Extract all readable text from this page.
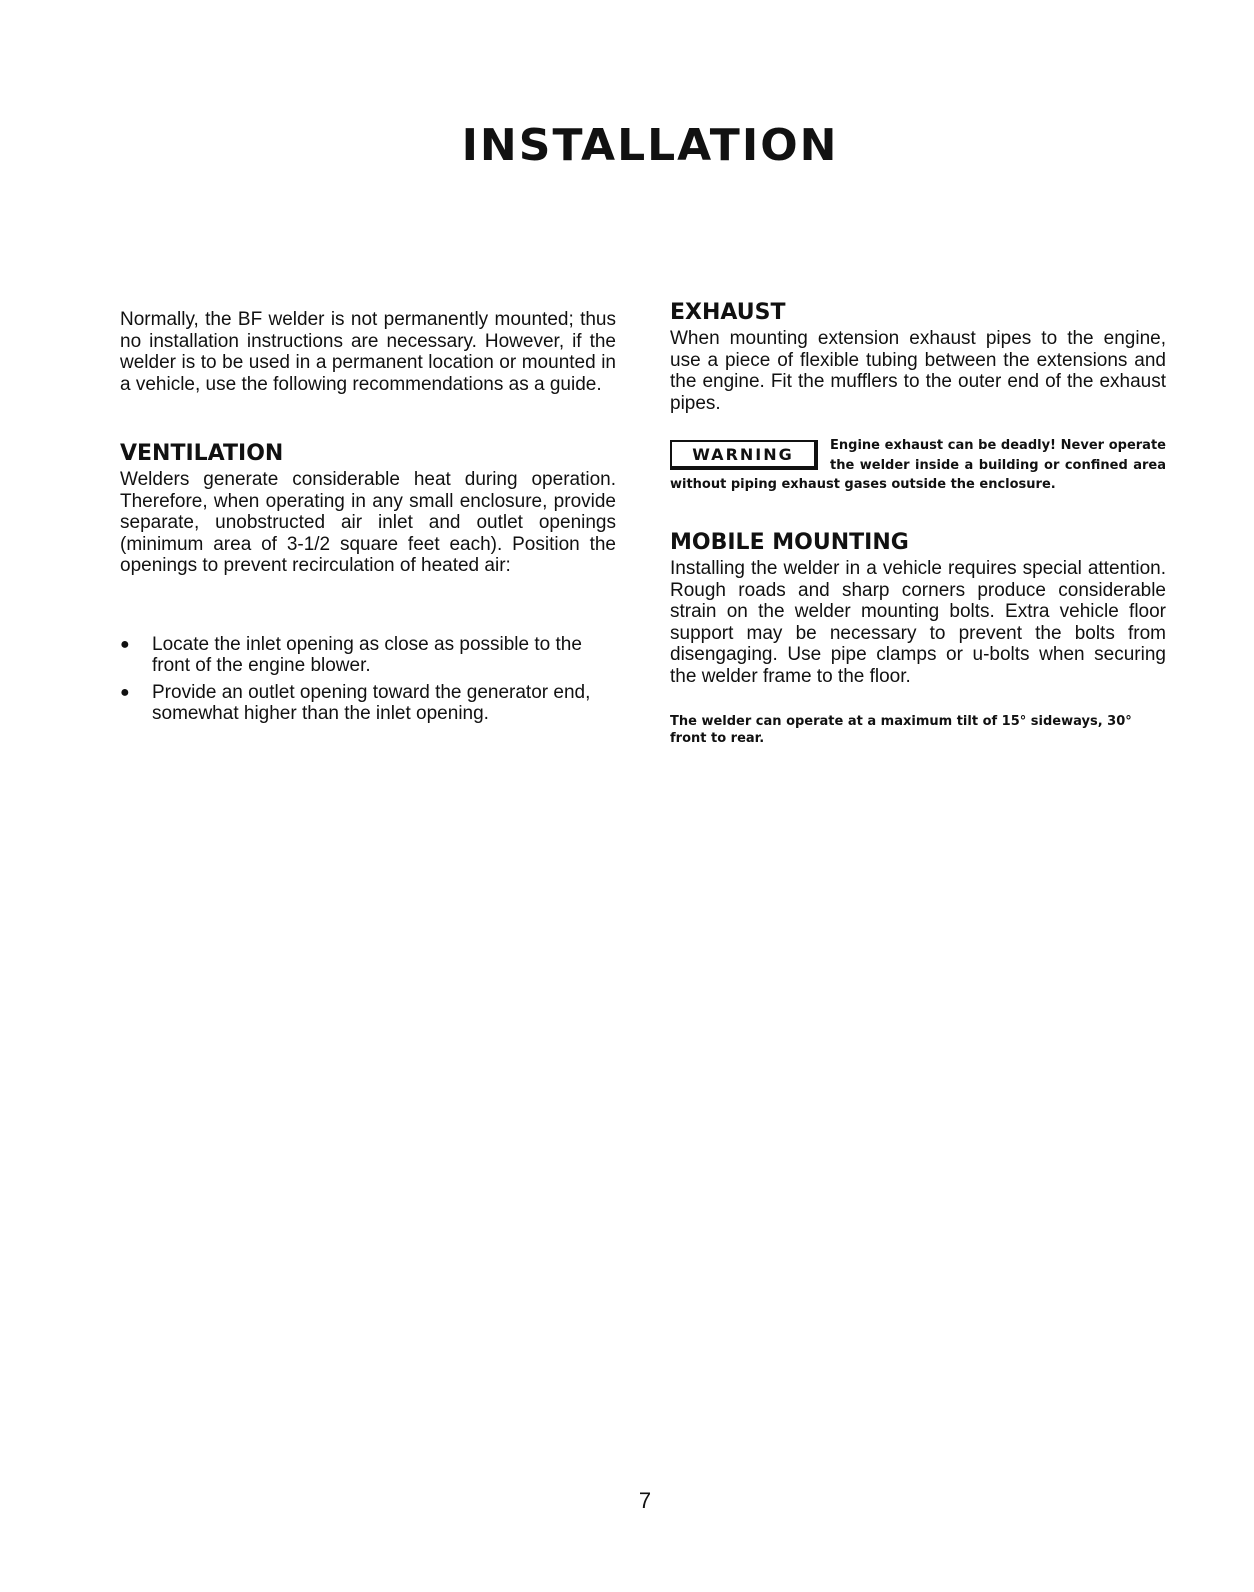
INSTALLATION

Normally, the BF welder is not permanently mounted; thus no installation instructions are necessary. However, if the welder is to be used in a permanent location or mounted in a vehicle, use the following recommendations as a guide.

VENTILATION

Welders generate considerable heat during operation. Therefore, when operating in any small enclosure, provide separate, unobstructed air inlet and outlet openings (minimum area of 3-1/2 square feet each). Position the openings to prevent recirculation of heated air:

● Locate the inlet opening as close as possible to the front of the engine blower.
● Provide an outlet opening toward the generator end, somewhat higher than the inlet opening.
EXHAUST

When mounting extension exhaust pipes to the engine, use a piece of flexible tubing between the extensions and the engine. Fit the mufflers to the outer end of the exhaust pipes.

WARNING	Engine exhaust can be deadly! Never operate the welder inside a building or confined area without piping exhaust gases outside the enclosure.

MOBILE MOUNTING

Installing the welder in a vehicle requires special attention. Rough roads and sharp corners produce considerable strain on the welder mounting bolts. Extra vehicle floor support may be necessary to prevent the bolts from disengaging. Use pipe clamps or u-bolts when securing the welder frame to the floor.

The welder can operate at a maximum tilt of 15° sideways, 30° front to rear.

7
